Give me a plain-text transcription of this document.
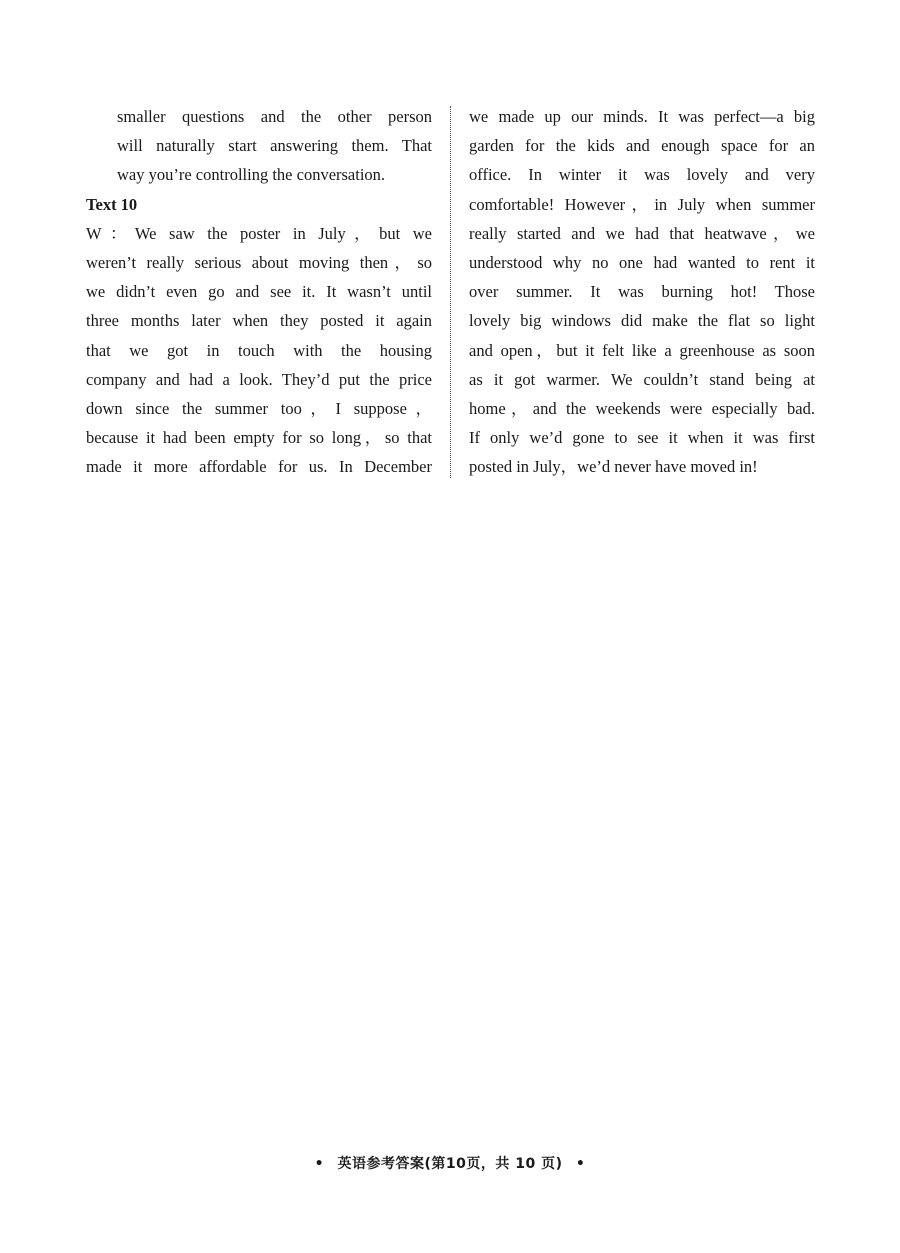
smaller questions and the other person
will naturally start answering them. That
way you’re controlling the conversation.
Text 10
W：We saw the poster in July，but we
weren’t really serious about moving then，so
we didn’t even go and see it. It wasn’t until
three months later when they posted it again
that we got in touch with the housing
company and had a look. They’d put the price
down since the summer too，I suppose，
because it had been empty for so long，so that
made it more affordable for us. In December
we made up our minds. It was perfect—a big
garden for the kids and enough space for an
office. In winter it was lovely and very
comfortable! However，in July when summer
really started and we had that heatwave，we
understood why no one had wanted to rent it
over summer. It was burning hot! Those
lovely big windows did make the flat so light
and open，but it felt like a greenhouse as soon
as it got warmer. We couldn’t stand being at
home，and the weekends were especially bad.
If only we’d gone to see it when it was first
posted in July，we’d never have moved in!
• 英语参考答案(第10页，共 10 页) •
